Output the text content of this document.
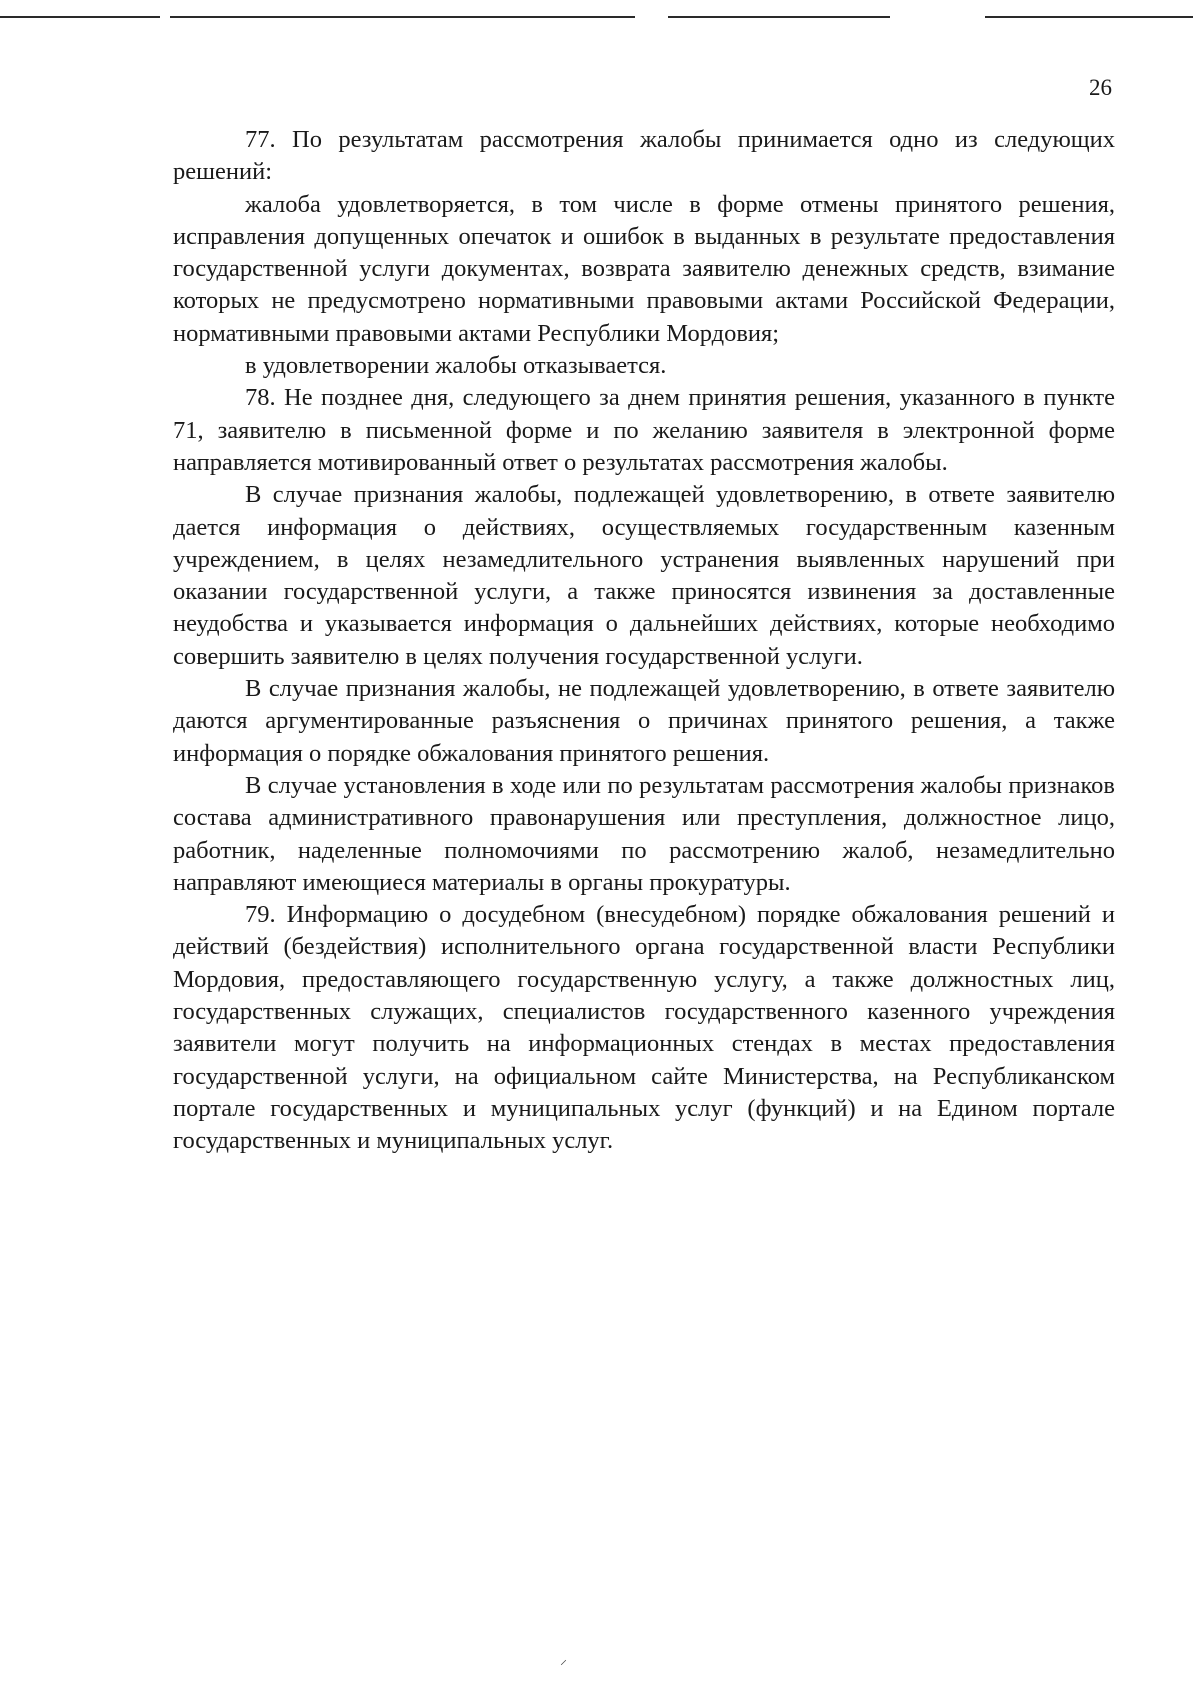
26

77. По результатам рассмотрения жалобы принимается одно из следующих решений:

жалоба удовлетворяется, в том числе в форме отмены принятого решения, исправления допущенных опечаток и ошибок в выданных в результате предоставления государственной услуги документах, возврата заявителю денежных средств, взимание которых не предусмотрено нормативными правовыми актами Российской Федерации, нормативными правовыми актами Республики Мордовия;

в удовлетворении жалобы отказывается.

78. Не позднее дня, следующего за днем принятия решения, указанного в пункте 71, заявителю в письменной форме и по желанию заявителя в электронной форме направляется мотивированный ответ о результатах рассмотрения жалобы.

В случае признания жалобы, подлежащей удовлетворению, в ответе заявителю дается информация о действиях, осуществляемых государственным казенным учреждением, в целях незамедлительного устранения выявленных нарушений при оказании государственной услуги, а также приносятся извинения за доставленные неудобства и указывается информация о дальнейших действиях, которые необходимо совершить заявителю в целях получения государственной услуги.

В случае признания жалобы, не подлежащей удовлетворению, в ответе заявителю даются аргументированные разъяснения о причинах принятого решения, а также информация о порядке обжалования принятого решения.

В случае установления в ходе или по результатам рассмотрения жалобы признаков состава административного правонарушения или преступления, должностное лицо, работник, наделенные полномочиями по рассмотрению жалоб, незамедлительно направляют имеющиеся материалы в органы прокуратуры.

79. Информацию о досудебном (внесудебном) порядке обжалования решений и действий (бездействия) исполнительного органа государственной власти Республики Мордовия, предоставляющего государственную услугу, а также должностных лиц, государственных служащих, специалистов государственного казенного учреждения заявители могут получить на информационных стендах в местах предоставления государственной услуги, на официальном сайте Министерства, на Республиканском портале государственных и муниципальных услуг (функций) и на Едином портале государственных и муниципальных услуг.

⸝
